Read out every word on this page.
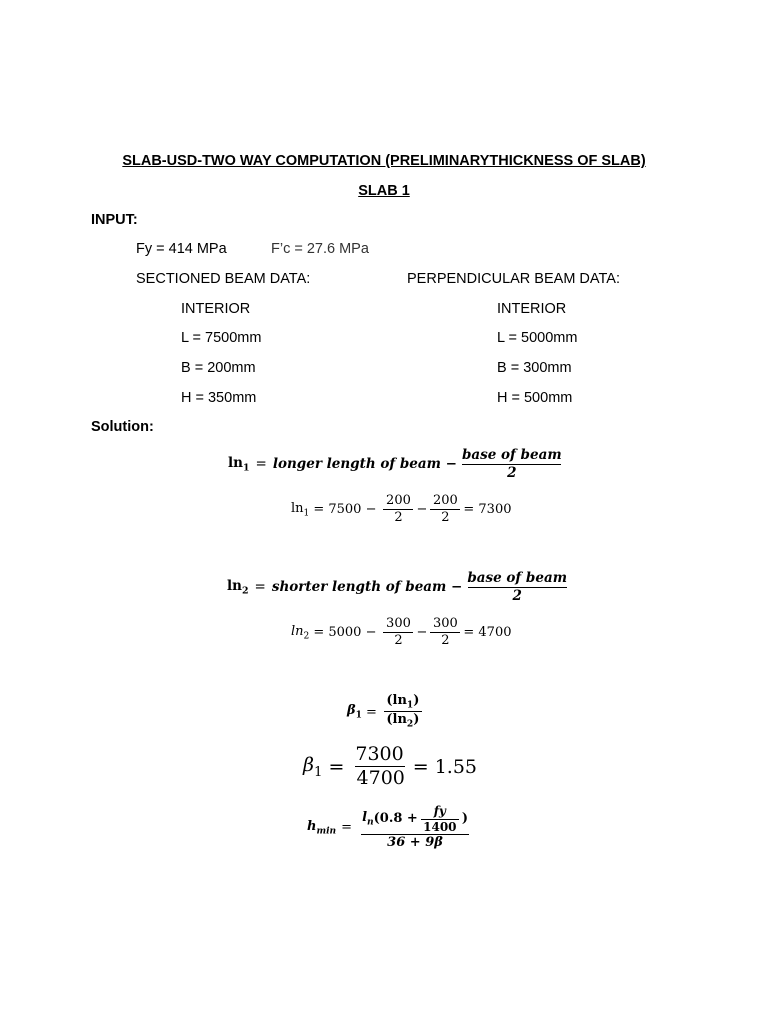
SLAB-USD-TWO WAY COMPUTATION (PRELIMINARYTHICKNESS OF SLAB)
SLAB 1
INPUT:
Fy = 414 MPa	F’c = 27.6 MPa
SECTIONED BEAM DATA:	PERPENDICULAR BEAM DATA:
INTERIOR	INTERIOR
L = 7500mm	L = 5000mm
B = 200mm	B = 300mm
H = 350mm	H = 500mm
Solution:
$\ln_1$ = longer length of beam − $\frac{\text{base of beam}}{2}$
$\ln_1 = 7500 - \frac{200}{2} - \frac{200}{2} = 7300$
$\ln_2$ = shorter length of beam − $\frac{\text{base of beam}}{2}$
$\ln_2 = 5000 - \frac{300}{2} - \frac{300}{2} = 4700$
$\beta_1 = \frac{(\ln_1)}{(\ln_2)}$
$\beta_1 = \frac{7300}{4700} = 1.55$
$h_{min}$ =
$l_n$ ($0.8 + \frac{fy}{1400}$ )
36 + 9β
